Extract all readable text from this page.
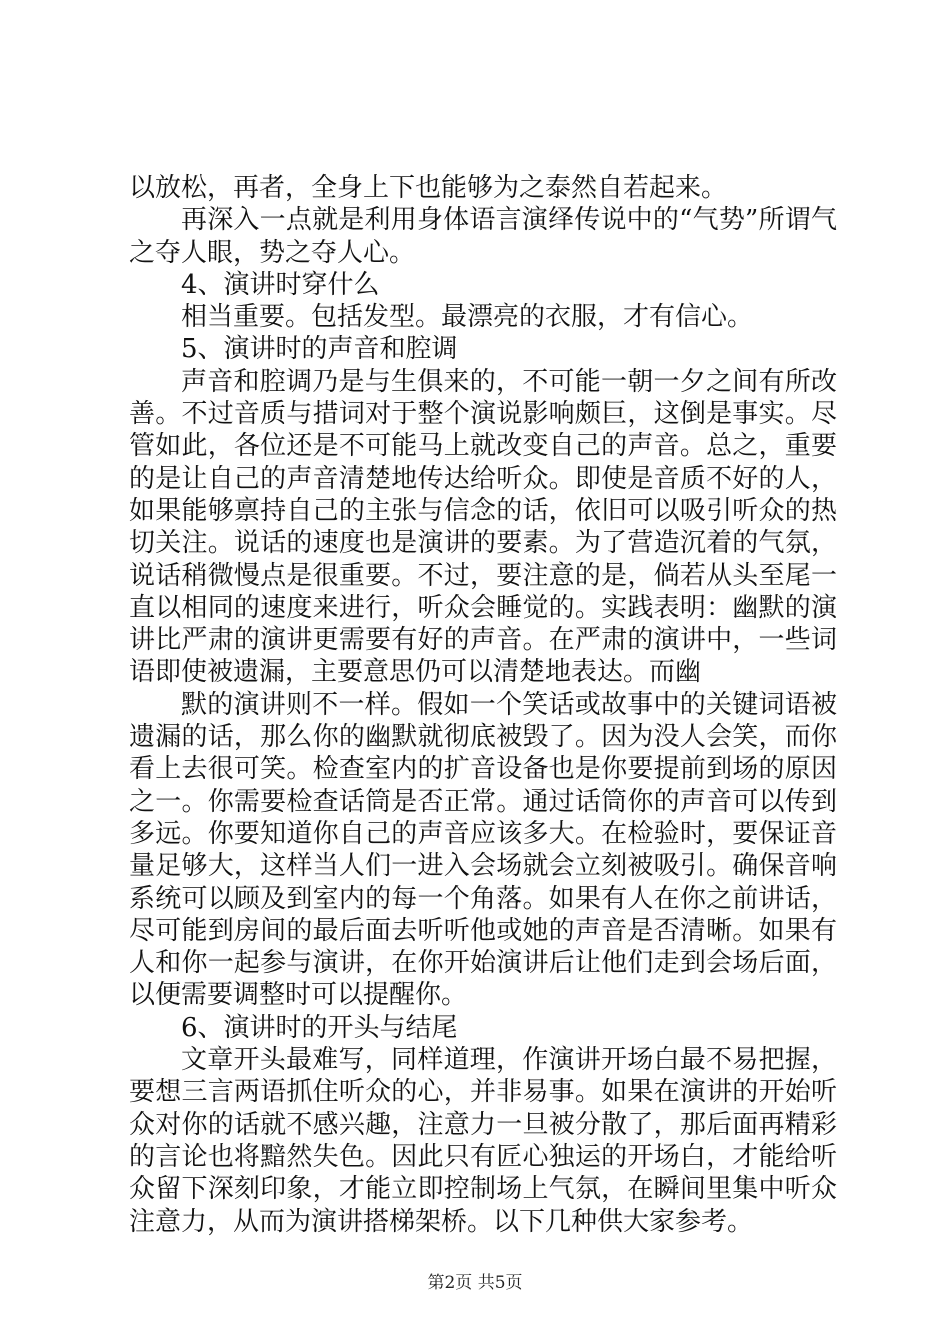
以放松，再者，全身上下也能够为之泰然自若起来。

再深入一点就是利用身体语言演绎传说中的“气势”所谓气之夺人眼，势之夺人心。

4、演讲时穿什么

相当重要。包括发型。最漂亮的衣服，才有信心。

5、演讲时的声音和腔调

声音和腔调乃是与生俱来的，不可能一朝一夕之间有所改善。不过音质与措词对于整个演说影响颇巨，这倒是事实。尽管如此，各位还是不可能马上就改变自己的声音。总之，重要的是让自己的声音清楚地传达给听众。即使是音质不好的人，如果能够禀持自己的主张与信念的话，依旧可以吸引听众的热切关注。说话的速度也是演讲的要素。为了营造沉着的气氛，说话稍微慢点是很重要。不过，要注意的是，倘若从头至尾一直以相同的速度来进行，听众会睡觉的。实践表明：幽默的演讲比严肃的演讲更需要有好的声音。在严肃的演讲中，一些词语即使被遗漏，主要意思仍可以清楚地表达。而幽

默的演讲则不一样。假如一个笑话或故事中的关键词语被遗漏的话，那么你的幽默就彻底被毁了。因为没人会笑，而你看上去很可笑。检查室内的扩音设备也是你要提前到场的原因之一。你需要检查话筒是否正常。通过话筒你的声音可以传到多远。你要知道你自己的声音应该多大。在检验时，要保证音量足够大，这样当人们一进入会场就会立刻被吸引。确保音响系统可以顾及到室内的每一个角落。如果有人在你之前讲话，尽可能到房间的最后面去听听他或她的声音是否清晰。如果有人和你一起参与演讲，在你开始演讲后让他们走到会场后面，以便需要调整时可以提醒你。

6、演讲时的开头与结尾

文章开头最难写，同样道理，作演讲开场白最不易把握，要想三言两语抓住听众的心，并非易事。如果在演讲的开始听众对你的话就不感兴趣，注意力一旦被分散了，那后面再精彩的言论也将黯然失色。因此只有匠心独运的开场白，才能给听众留下深刻印象，才能立即控制场上气氛，在瞬间里集中听众注意力，从而为演讲搭梯架桥。以下几种供大家参考。

第2页 共5页
